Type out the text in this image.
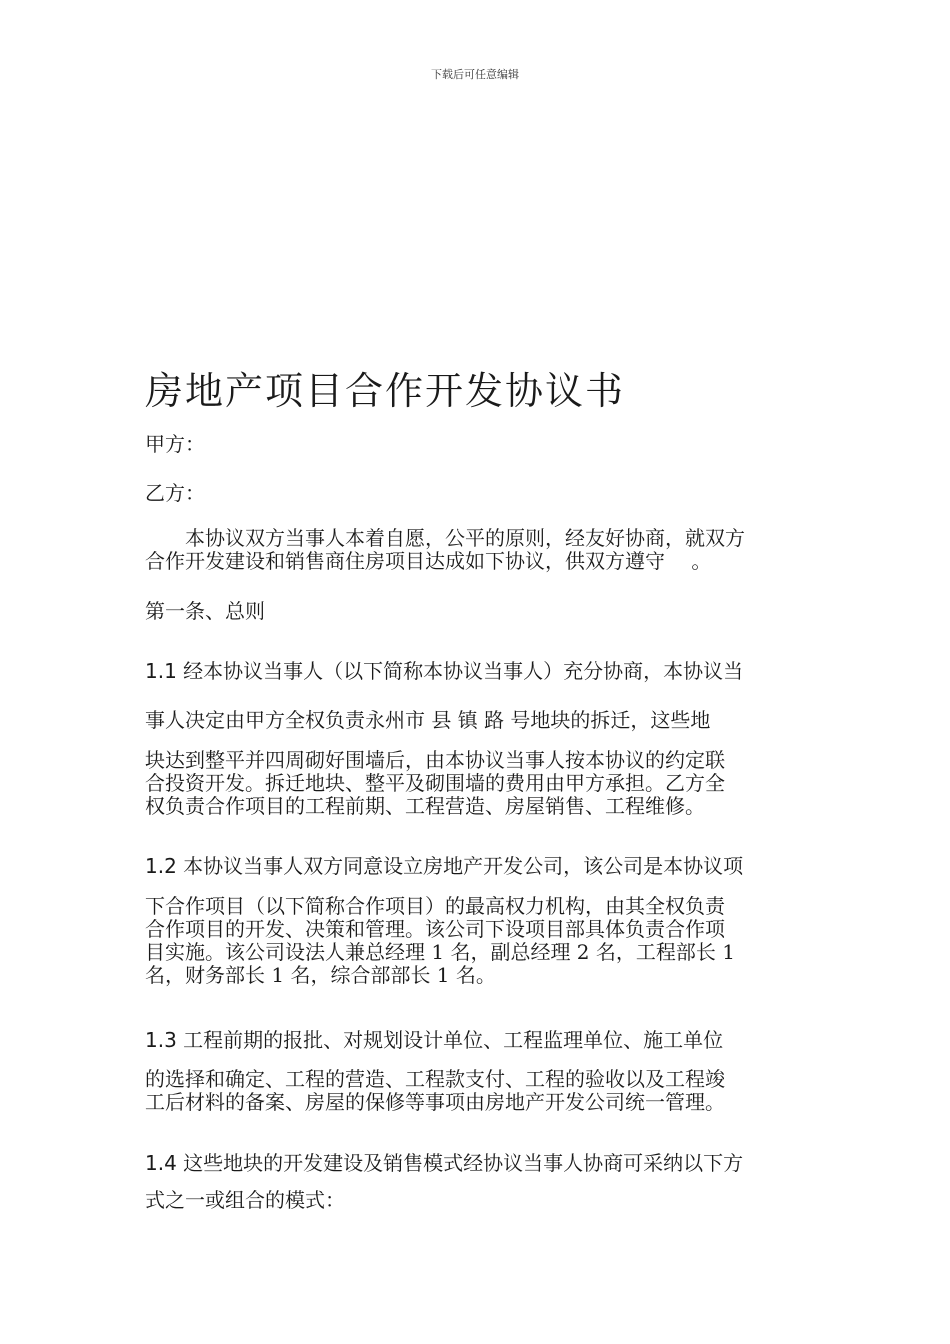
下载后可任意编辑
房地产项目合作开发协议书
甲方：
乙方：
本协议双方当事人本着自愿，公平的原则，经友好协商，就双方
合作开发建设和销售商住房项目达成如下协议，供双方遵守　 。
第一条、总则
1.1 经本协议当事人（以下简称本协议当事人）充分协商，本协议当
事人决定由甲方全权负责永州市 县 镇 路 号地块的拆迁，这些地
块达到整平并四周砌好围墙后，由本协议当事人按本协议的约定联
合投资开发。拆迁地块、整平及砌围墙的费用由甲方承担。乙方全
权负责合作项目的工程前期、工程营造、房屋销售、工程维修。
1.2 本协议当事人双方同意设立房地产开发公司，该公司是本协议项
下合作项目（以下简称合作项目）的最高权力机构，由其全权负责
合作项目的开发、决策和管理。该公司下设项目部具体负责合作项
目实施。该公司设法人兼总经理 1 名，副总经理 2 名，工程部长 1
名，财务部长 1 名，综合部部长 1 名。
1.3 工程前期的报批、对规划设计单位、工程监理单位、施工单位
的选择和确定、工程的营造、工程款支付、工程的验收以及工程竣
工后材料的备案、房屋的保修等事项由房地产开发公司统一管理。
1.4 这些地块的开发建设及销售模式经协议当事人协商可采纳以下方
式之一或组合的模式：
